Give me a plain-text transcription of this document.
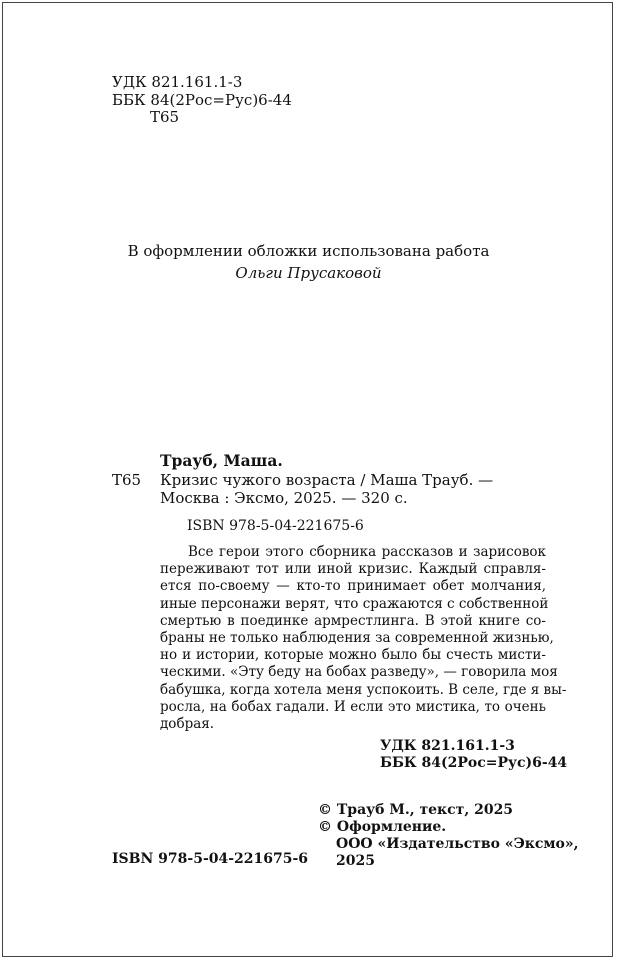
УДК 821.161.1-3
ББК 84(2Рос=Рус)6-44
Т65
В оформлении обложки использована работа
Ольги Прусаковой
Трауб, Маша.
Т65 Кризис чужого возраста / Маша Трауб. —
Москва : Эксмо, 2025. — 320 с.
ISBN 978-5-04-221675-6
Все герои этого сборника рассказов и зарисовок
переживают тот или иной кризис. Каждый справля-
ется по-своему — кто-то принимает обет молчания,
иные персонажи верят, что сражаются с собственной
смертью в поединке армрестлинга. В этой книге со-
браны не только наблюдения за современной жизнью,
но и истории, которые можно было бы счесть мисти-
ческими. «Эту беду на бобах разведу», — говорила моя
бабушка, когда хотела меня успокоить. В селе, где я вы-
росла, на бобах гадали. И если это мистика, то очень
добрая.
УДК 821.161.1-3
ББК 84(2Рос=Рус)6-44
© Трауб М., текст, 2025
© Оформление.
ООО «Издательство «Эксмо»,
2025
ISBN 978-5-04-221675-6
